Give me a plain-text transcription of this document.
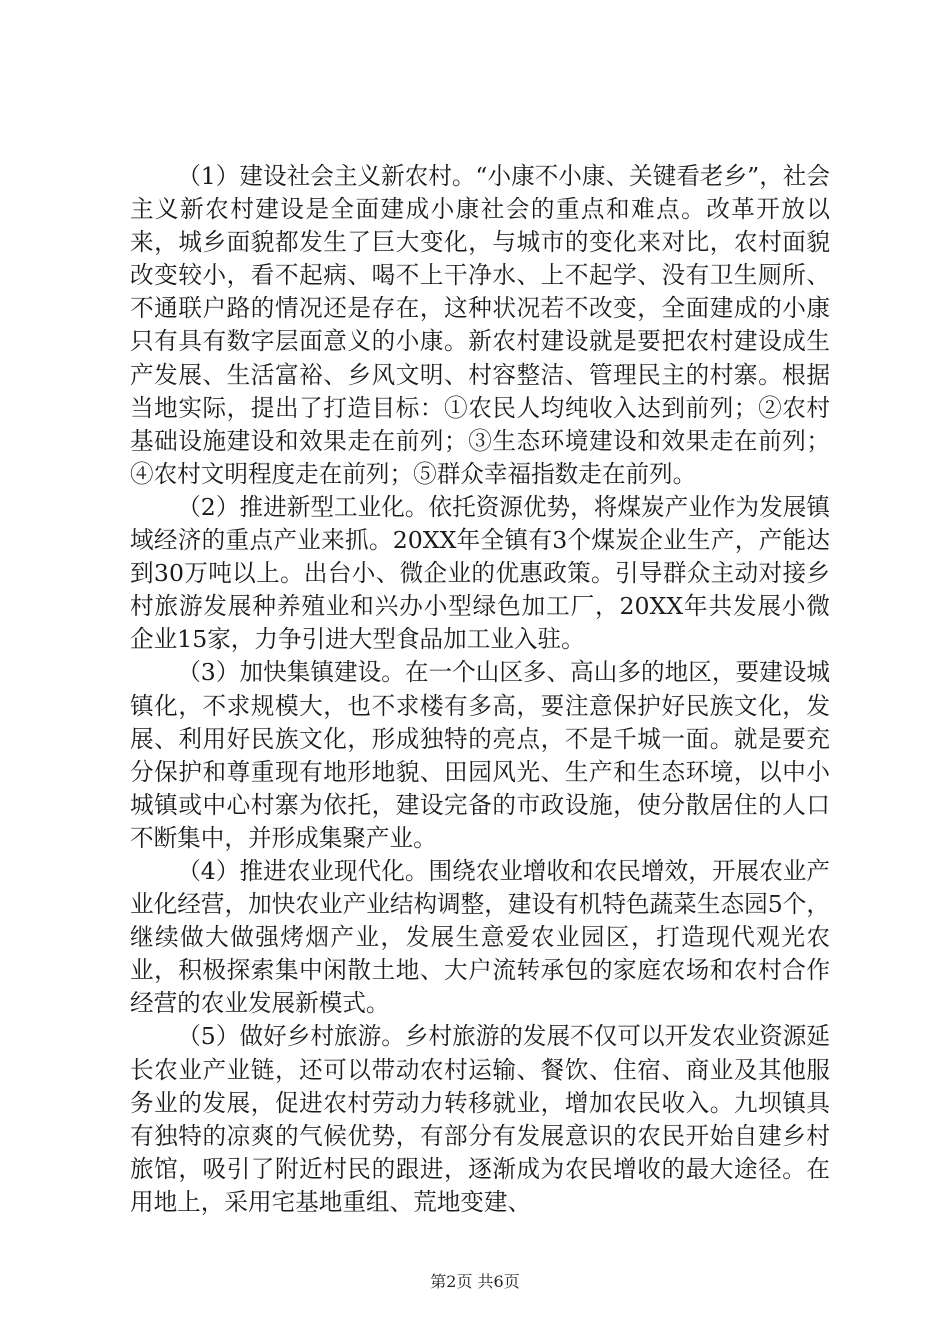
（1）建设社会主义新农村。“小康不小康、关键看老乡”，社会主义新农村建设是全面建成小康社会的重点和难点。改革开放以来，城乡面貌都发生了巨大变化，与城市的变化来对比，农村面貌改变较小，看不起病、喝不上干净水、上不起学、没有卫生厕所、不通联户路的情况还是存在，这种状况若不改变，全面建成的小康只有具有数字层面意义的小康。新农村建设就是要把农村建设成生产发展、生活富裕、乡风文明、村容整洁、管理民主的村寨。根据当地实际，提出了打造目标：①农民人均纯收入达到前列；②农村基础设施建设和效果走在前列；③生态环境建设和效果走在前列；④农村文明程度走在前列；⑤群众幸福指数走在前列。

（2）推进新型工业化。依托资源优势，将煤炭产业作为发展镇域经济的重点产业来抓。20XX年全镇有3个煤炭企业生产，产能达到30万吨以上。出台小、微企业的优惠政策。引导群众主动对接乡村旅游发展种养殖业和兴办小型绿色加工厂，20XX年共发展小微企业15家，力争引进大型食品加工业入驻。

（3）加快集镇建设。在一个山区多、高山多的地区，要建设城镇化，不求规模大，也不求楼有多高，要注意保护好民族文化，发展、利用好民族文化，形成独特的亮点，不是千城一面。就是要充分保护和尊重现有地形地貌、田园风光、生产和生态环境，以中小城镇或中心村寨为依托，建设完备的市政设施，使分散居住的人口不断集中，并形成集聚产业。

（4）推进农业现代化。围绕农业增收和农民增效，开展农业产业化经营，加快农业产业结构调整，建设有机特色蔬菜生态园5个，继续做大做强烤烟产业，发展生意爱农业园区，打造现代观光农业，积极探索集中闲散土地、大户流转承包的家庭农场和农村合作经营的农业发展新模式。

（5）做好乡村旅游。乡村旅游的发展不仅可以开发农业资源延长农业产业链，还可以带动农村运输、餐饮、住宿、商业及其他服务业的发展，促进农村劳动力转移就业，增加农民收入。九坝镇具有独特的凉爽的气候优势，有部分有发展意识的农民开始自建乡村旅馆，吸引了附近村民的跟进，逐渐成为农民增收的最大途径。在用地上，采用宅基地重组、荒地变建、

第2页 共6页
